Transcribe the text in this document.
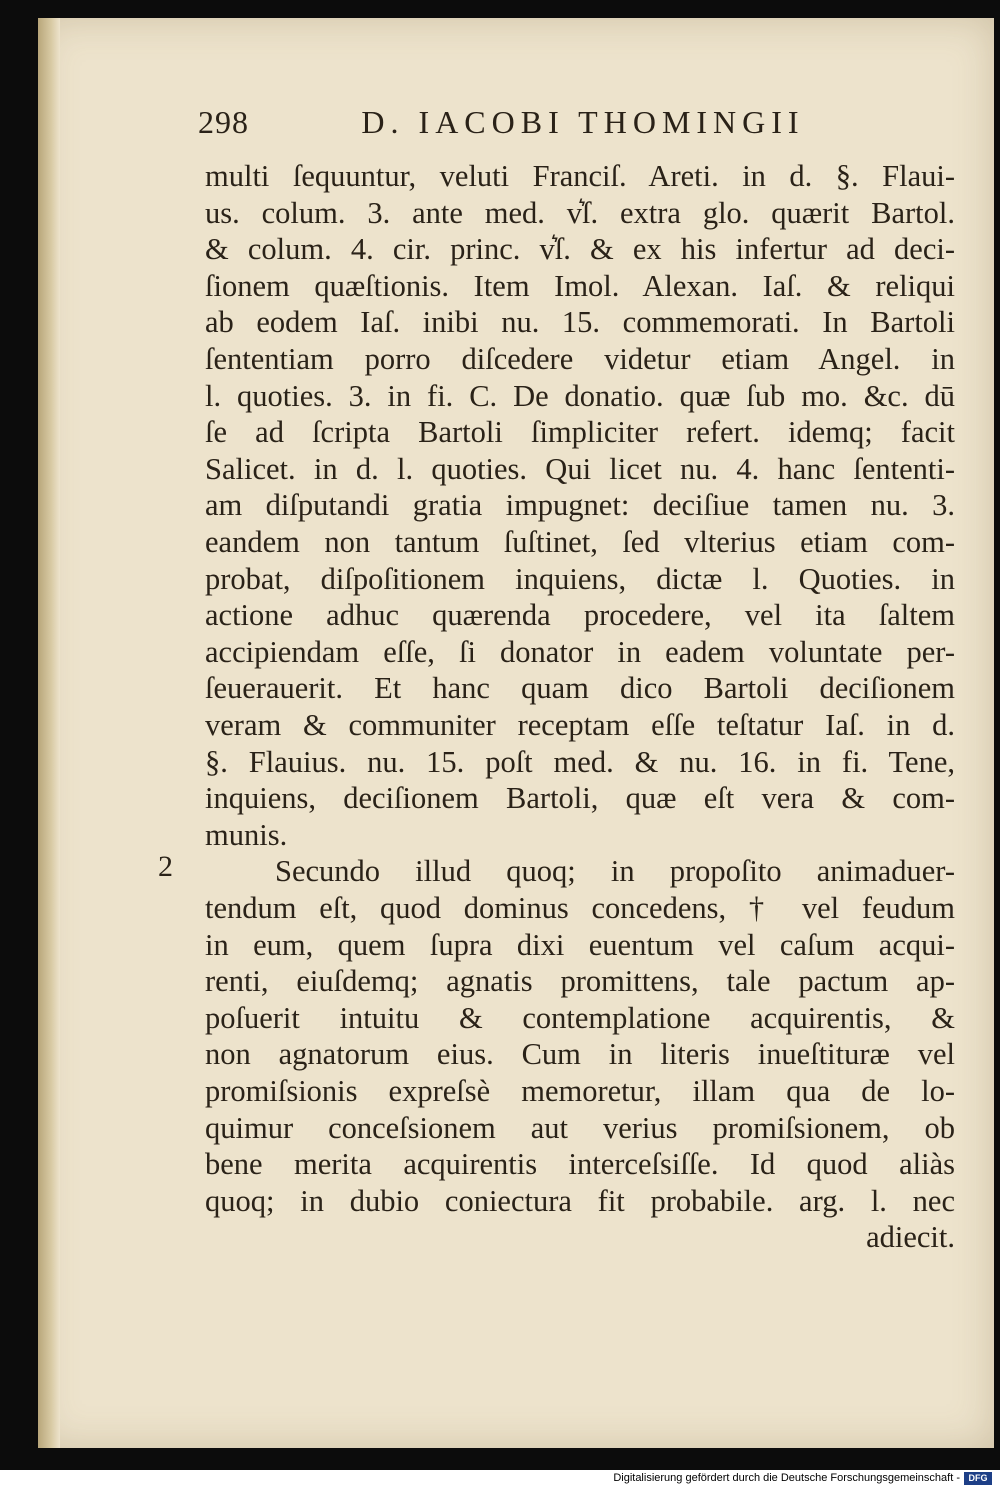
298	D. IACOBI THOMINGII
multi ſequuntur, veluti Franciſ. Areti. in d. §. Flaui-
us. colum. 3. ante med. v͛ſ. extra glo. quærit Bartol.
& colum. 4. cir. princ. v͛ſ. & ex his infertur ad deci-
ſionem quæſtionis. Item Imol. Alexan. Iaſ. & reliqui
ab eodem Iaſ. inibi nu. 15. commemorati. In Bartoli
ſententiam porro diſcedere videtur etiam Angel. in
l. quoties. 3. in fi. C. De donatio. quæ ſub mo. &c. dū
ſe ad ſcripta Bartoli ſimpliciter refert. idemq; facit
Salicet. in d. l. quoties. Qui licet nu. 4. hanc ſententi-
am diſputandi gratia impugnet: deciſiue tamen nu. 3.
eandem non tantum ſuſtinet, ſed vlterius etiam com-
probat, diſpoſitionem inquiens, dictæ l. Quoties. in
actione adhuc quærenda procedere, vel ita ſaltem
accipiendam eſſe, ſi donator in eadem voluntate per-
ſeuerauerit. Et hanc quam dico Bartoli deciſionem
veram & communiter receptam eſſe teſtatur Iaſ. in d.
§. Flauius. nu. 15. poſt med. & nu. 16. in fi. Tene,
inquiens, deciſionem Bartoli, quæ eſt vera & com-
munis.
Secundo illud quoq; in propoſito animaduer-
tendum eſt, quod dominus concedens, † vel feudum
in eum, quem ſupra dixi euentum vel caſum acqui-
renti, eiuſdemq; agnatis promittens, tale pactum ap-
poſuerit intuitu & contemplatione acquirentis, &
non agnatorum eius. Cum in literis inueſtituræ vel
promiſsionis expreſsè memoretur, illam qua de lo-
quimur conceſsionem aut verius promiſsionem, ob
bene merita acquirentis interceſsiſſe. Id quod aliàs
quoq; in dubio coniectura fit probabile. arg. l. nec
adiecit.
2
Digitalisierung gefördert durch die Deutsche Forschungsgemeinschaft - DFG
